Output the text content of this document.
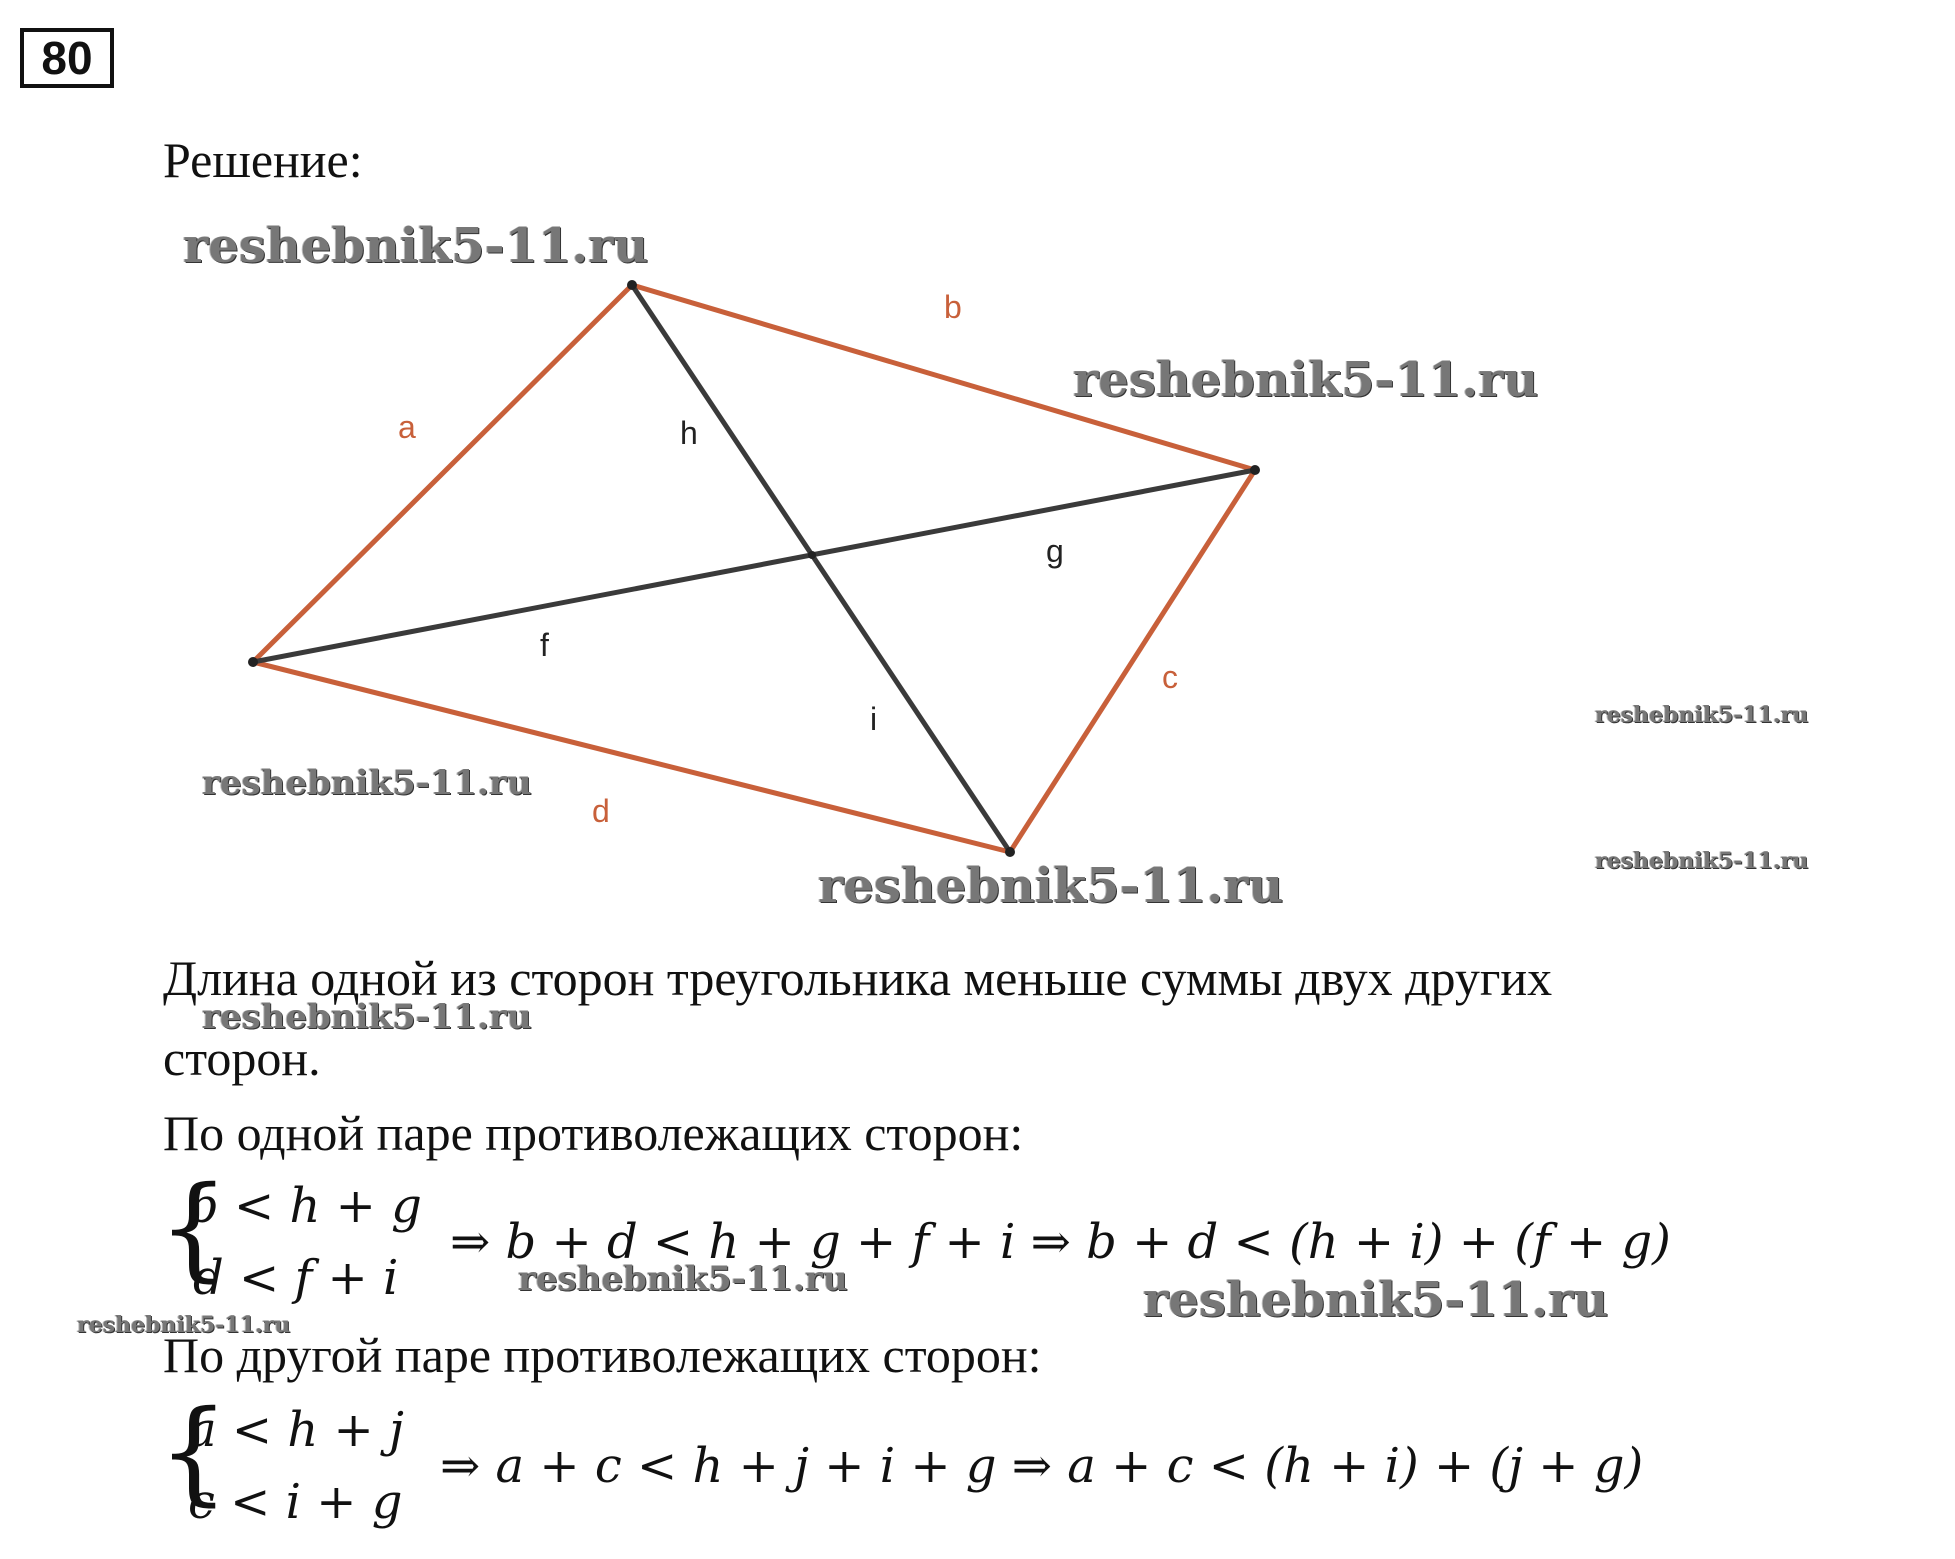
80
Решение:
a
b
c
d
h
g
f
i
Длина одной из сторон треугольника меньше суммы двух других
сторон.
По одной паре противолежащих сторон:
{
b < h + g
d < f + i
⇒ b + d < h + g + f + i ⇒ b + d < (h + i) + (f + g)
По другой паре противолежащих сторон:
{
a < h + j
c < i + g
⇒ a + c < h + j + i + g ⇒ a + c < (h + i) + (j + g)
reshebnik5-11.ru
reshebnik5-11.ru
reshebnik5-11.ru
reshebnik5-11.ru
reshebnik5-11.ru	reshebnik5-11.ru
reshebnik5-11.ru
reshebnik5-11.ru	reshebnik5-11.ru
reshebnik5-11.ru
